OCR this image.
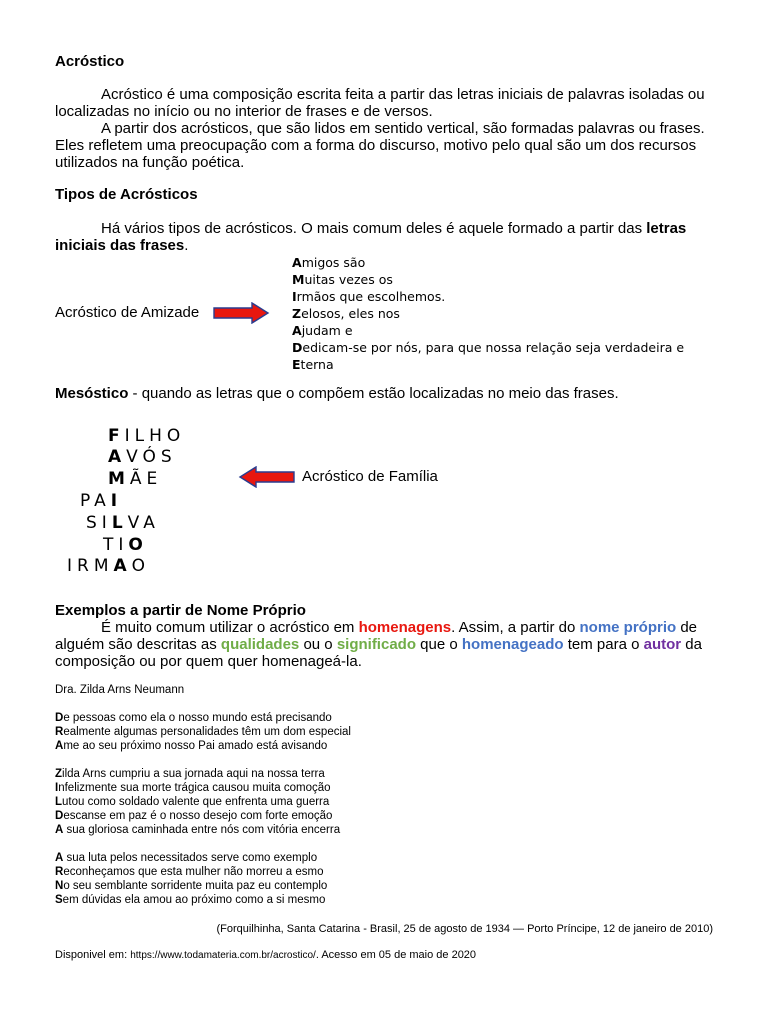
Acróstico
Acróstico é uma composição escrita feita a partir das letras iniciais de palavras isoladas ou localizadas no início ou no interior de frases e de versos.
A partir dos acrósticos, que são lidos em sentido vertical, são formadas palavras ou frases. Eles refletem uma preocupação com a forma do discurso, motivo pelo qual são um dos recursos utilizados na função poética.
Tipos de Acrósticos
Há vários tipos de acrósticos. O mais comum deles é aquele formado a partir das letras iniciais das frases.
Acróstico de Amizade
Amigos são
Muitas vezes os
Irmãos que escolhemos.
Zelosos, eles nos
Ajudam e
Dedicam-se por nós, para que nossa relação seja verdadeira e
Eterna
Mesóstico - quando as letras que o compõem estão localizadas no meio das frases.
FILHO
AVÓS
MÃE
PAI
SILVA
TIO
IRMAO
Acróstico de Família
Exemplos a partir de Nome Próprio
É muito comum utilizar o acróstico em homenagens. Assim, a partir do nome próprio de alguém são descritas as qualidades ou o significado que o homenageado tem para o autor da composição ou por quem quer homenageá-la.
Dra. Zilda Arns Neumann
De pessoas como ela o nosso mundo está precisando
Realmente algumas personalidades têm um dom especial
Ame ao seu próximo nosso Pai amado está avisando
Zilda Arns cumpriu a sua jornada aqui na nossa terra
Infelizmente sua morte trágica causou muita comoção
Lutou como soldado valente que enfrenta uma guerra
Descanse em paz é o nosso desejo com forte emoção
A sua gloriosa caminhada entre nós com vitória encerra
A sua luta pelos necessitados serve como exemplo
Reconheçamos que esta mulher não morreu a esmo
No seu semblante sorridente muita paz eu contemplo
Sem dúvidas ela amou ao próximo como a si mesmo
(Forquilhinha, Santa Catarina - Brasil, 25 de agosto de 1934 — Porto Príncipe, 12 de janeiro de 2010)
Disponivel em: https://www.todamateria.com.br/acrostico/. Acesso em 05 de maio de 2020
